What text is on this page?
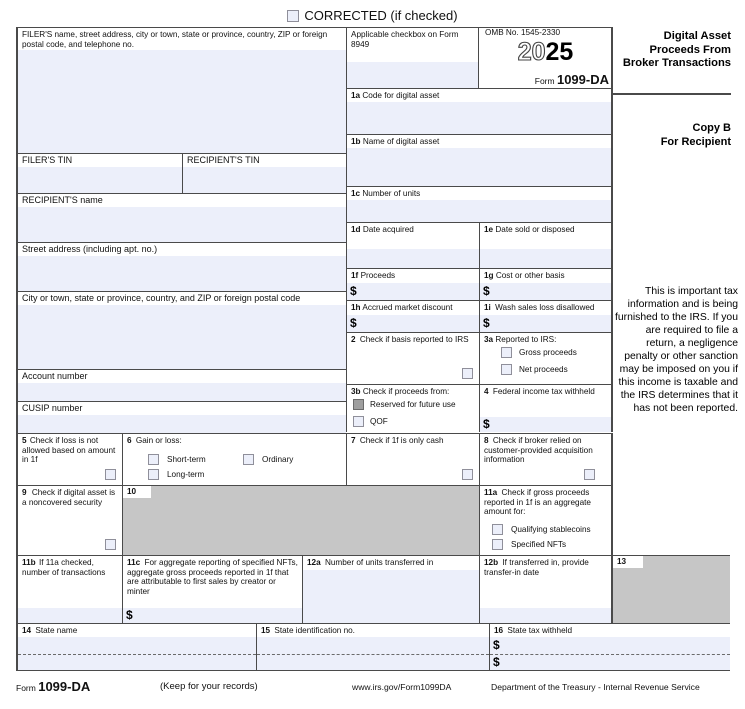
CORRECTED (if checked)
Digital Asset Proceeds From Broker Transactions
Copy B
For Recipient
This is important tax information and is being furnished to the IRS. If you are required to file a return, a negligence penalty or other sanction may be imposed on you if this income is taxable and the IRS determines that it has not been reported.
FILER'S name, street address, city or town, state or province, country, ZIP or foreign postal code, and telephone no.
FILER'S TIN	RECIPIENT'S TIN
RECIPIENT'S name
Street address (including apt. no.)
City or town, state or province, country, and ZIP or foreign postal code
Account number
CUSIP number
Applicable checkbox on Form 8949
OMB No. 1545-2330
2025
Form 1099-DA
1a Code for digital asset
1b Name of digital asset
1c Number of units
1d Date acquired	1e Date sold or disposed
1f Proceeds
$
1g Cost or other basis
$
1h Accrued market discount
$
1i Wash sales loss disallowed
$
2 Check if basis reported to IRS	3a Reported to IRS:
Gross proceeds
Net proceeds
3b Check if proceeds from:
Reserved for future use
QOF
4 Federal income tax withheld
$
5 Check if loss is not allowed based on amount in 1f
6 Gain or loss:
Short-term	Ordinary
Long-term
7 Check if 1f is only cash	8 Check if broker relied on customer-provided acquisition information
9 Check if digital asset is a noncovered security
10	11a Check if gross proceeds reported in 1f is an aggregate amount for:
Qualifying stablecoins
Specified NFTs
11b If 11a checked, number of transactions
11c For aggregate reporting of specified NFTs, aggregate gross proceeds reported in 1f that are attributable to first sales by creator or minter
$
12a Number of units transferred in	12b If transferred in, provide transfer-in date
13
14 State name	15 State identification no.	16 State tax withheld
$
$
Form 1099-DA	(Keep for your records)	www.irs.gov/Form1099DA	Department of the Treasury - Internal Revenue Service
